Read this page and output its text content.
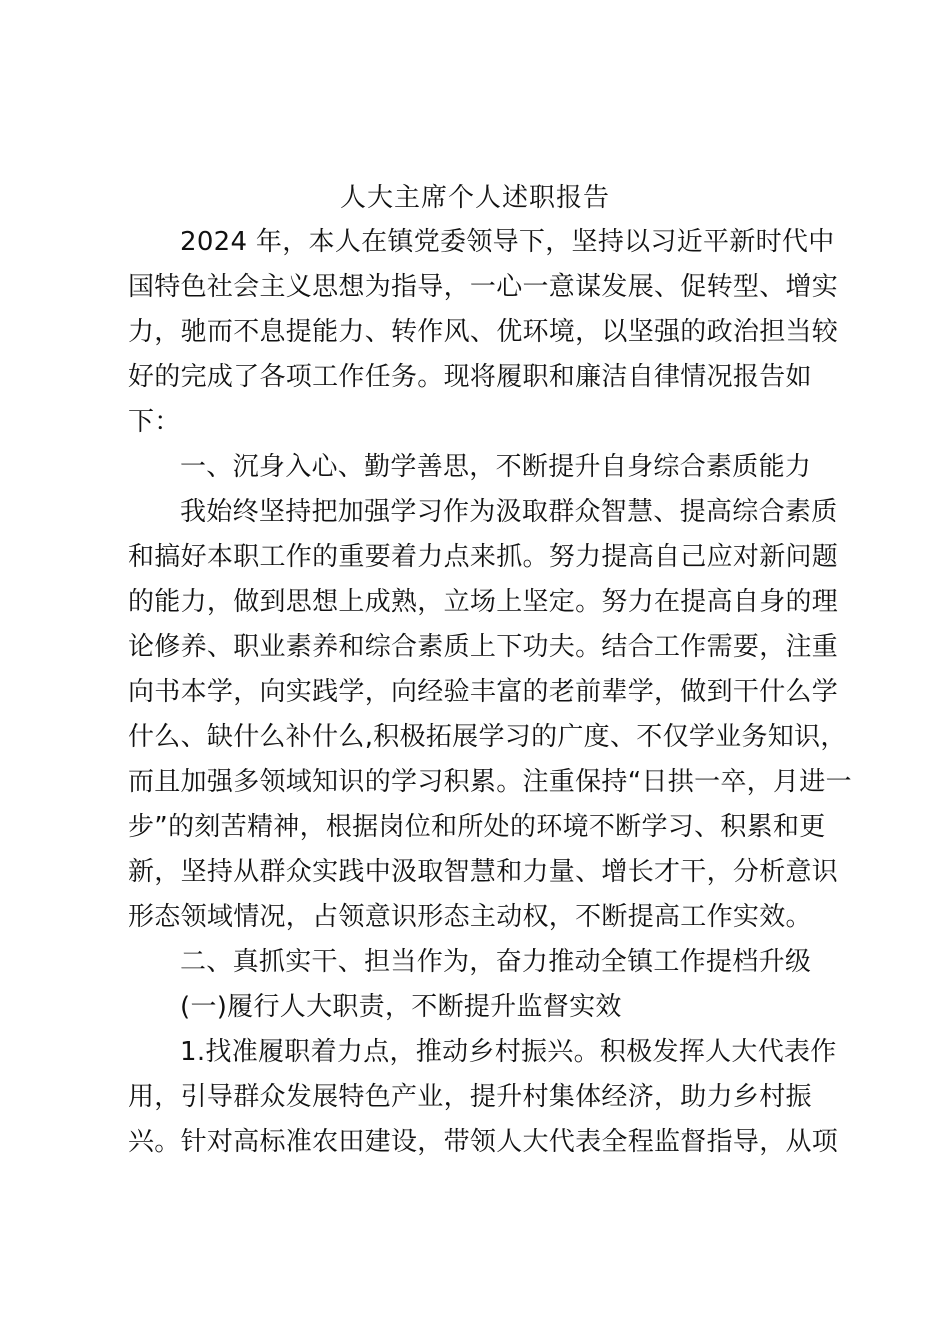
人大主席个人述职报告
2024 年，本人在镇党委领导下，坚持以习近平新时代中
国特色社会主义思想为指导，一心一意谋发展、促转型、增实
力，驰而不息提能力、转作风、优环境，以坚强的政治担当较
好的完成了各项工作任务。现将履职和廉洁自律情况报告如
下：
一、沉身入心、勤学善思，不断提升自身综合素质能力
我始终坚持把加强学习作为汲取群众智慧、提高综合素质
和搞好本职工作的重要着力点来抓。努力提高自己应对新问题
的能力，做到思想上成熟，立场上坚定。努力在提高自身的理
论修养、职业素养和综合素质上下功夫。结合工作需要，注重
向书本学，向实践学，向经验丰富的老前辈学，做到干什么学
什么、缺什么补什么,积极拓展学习的广度、不仅学业务知识，
而且加强多领域知识的学习积累。注重保持“日拱一卒，月进一
步”的刻苦精神，根据岗位和所处的环境不断学习、积累和更
新，坚持从群众实践中汲取智慧和力量、增长才干，分析意识
形态领域情况，占领意识形态主动权，不断提高工作实效。
二、真抓实干、担当作为，奋力推动全镇工作提档升级
(一)履行人大职责，不断提升监督实效
1.找准履职着力点，推动乡村振兴。积极发挥人大代表作
用，引导群众发展特色产业，提升村集体经济，助力乡村振
兴。针对高标准农田建设，带领人大代表全程监督指导，从项
